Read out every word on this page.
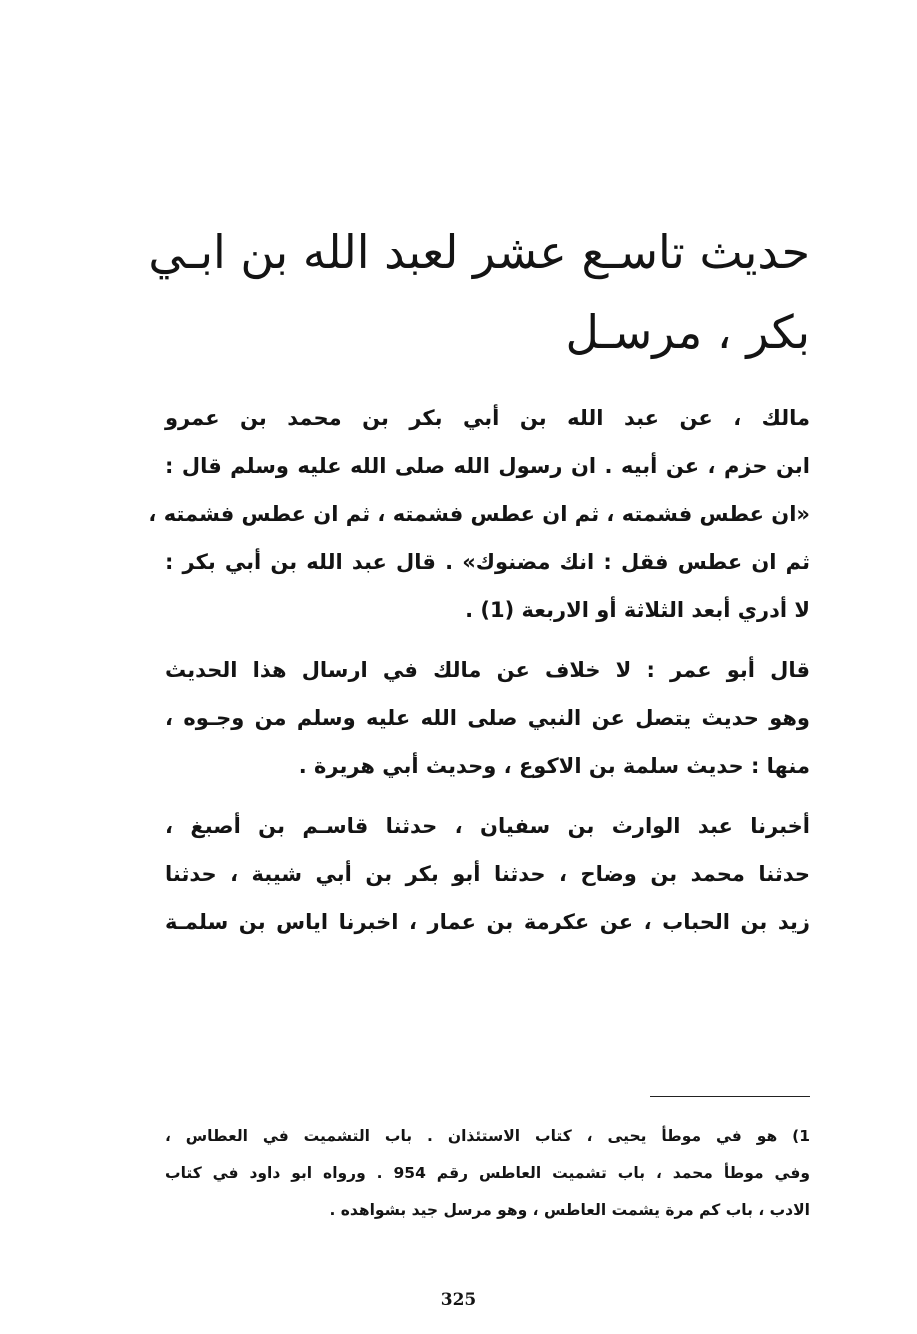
حديث تاسـع عشر لعبد الله بن ابـي
بكر ، مرسـل

مالك ، عن عبد الله بن أبي بكر بن محمد بن عمرو
ابن حزم ، عن أبيه . ان رسول الله صلى الله عليه وسلم قال :
«ان عطس فشمته ، ثم ان عطس فشمته ، ثم ان عطس فشمته ،
ثم ان عطس فقل : انك مضنوك» . قال عبد الله بن أبي بكر :
لا أدري أبعد الثلاثة أو الاربعة (1) .

قال أبو عمر : لا خلاف عن مالك في ارسال هذا الحديث
وهو حديث يتصل عن النبي صلى الله عليه وسلم من وجـوه ،
منها : حديث سلمة بن الاكوع ، وحديث أبي هريرة .

أخبرنا عبد الوارث بن سفيان ، حدثنا قاسـم بن أصبغ ،
حدثنا محمد بن وضاح ، حدثنا أبو بكر بن أبي شيبة ، حدثنا
زيد بن الحباب ، عن عكرمة بن عمار ، اخبرنا اياس بن سلمـة

1) هو في موطأ يحيى ، كتاب الاستئذان . باب التشميت في العطاس ،
وفي موطأ محمد ، باب تشميت العاطس رقم 954 . ورواه ابو داود في كتاب
الادب ، باب كم مرة يشمت العاطس ، وهو مرسل جيد بشواهده .
325
